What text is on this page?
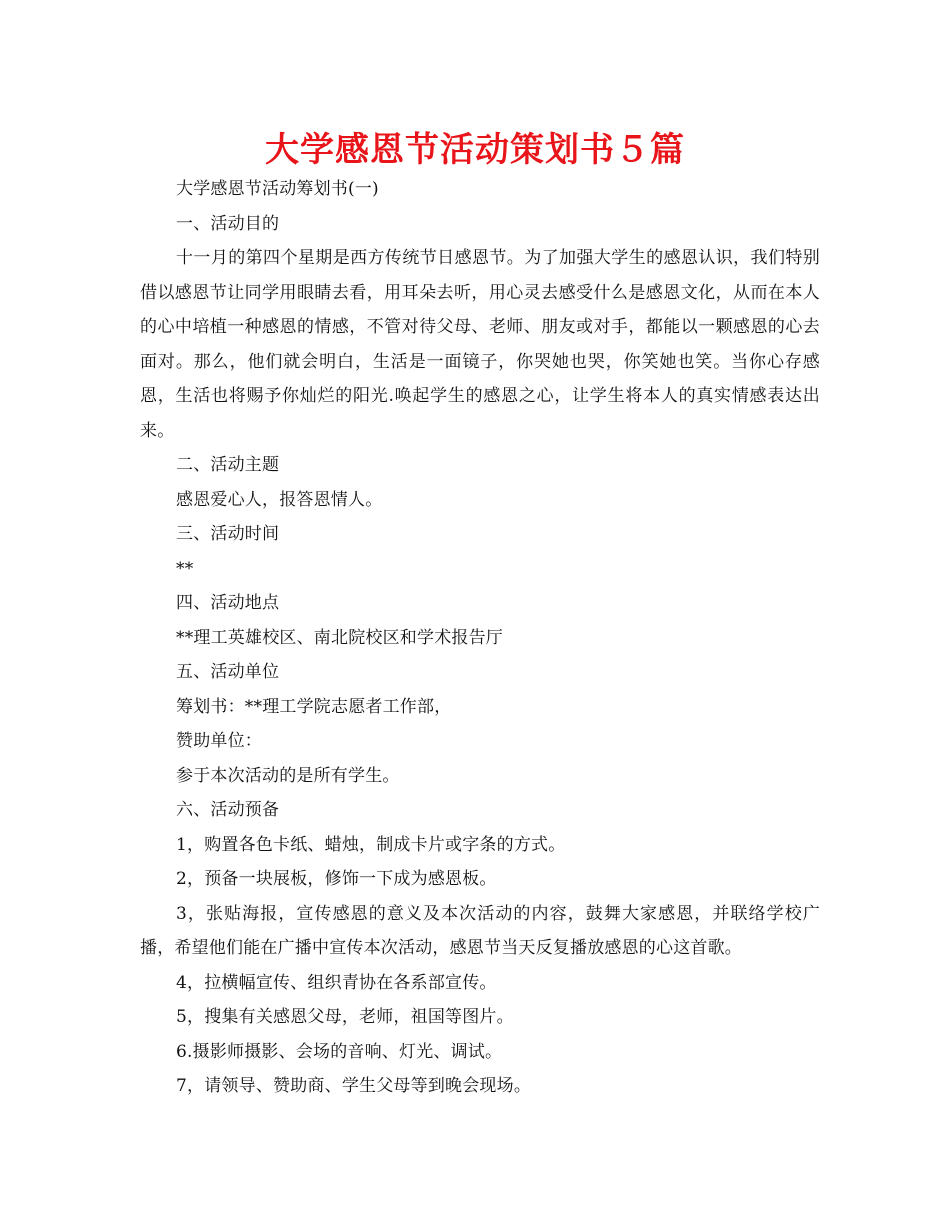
大学感恩节活动策划书５篇

大学感恩节活动筹划书(一)

一、活动目的

十一月的第四个星期是西方传统节日感恩节。为了加强大学生的感恩认识，我们特别借以感恩节让同学用眼睛去看，用耳朵去听，用心灵去感受什么是感恩文化，从而在本人的心中培植一种感恩的情感，不管对待父母、老师、朋友或对手，都能以一颗感恩的心去面对。那么，他们就会明白，生活是一面镜子，你哭她也哭，你笑她也笑。当你心存感恩，生活也将赐予你灿烂的阳光.唤起学生的感恩之心，让学生将本人的真实情感表达出来。

二、活动主题

感恩爱心人，报答恩情人。

三、活动时间

**

四、活动地点

**理工英雄校区、南北院校区和学术报告厅

五、活动单位

筹划书：**理工学院志愿者工作部，

赞助单位：

参于本次活动的是所有学生。

六、活动预备

1，购置各色卡纸、蜡烛，制成卡片或字条的方式。

2，预备一块展板，修饰一下成为感恩板。

3，张贴海报，宣传感恩的意义及本次活动的内容，鼓舞大家感恩，并联络学校广播，希望他们能在广播中宣传本次活动，感恩节当天反复播放感恩的心这首歌。

4，拉横幅宣传、组织青协在各系部宣传。

5，搜集有关感恩父母，老师，祖国等图片。

6.摄影师摄影、会场的音响、灯光、调试。

7，请领导、赞助商、学生父母等到晚会现场。
